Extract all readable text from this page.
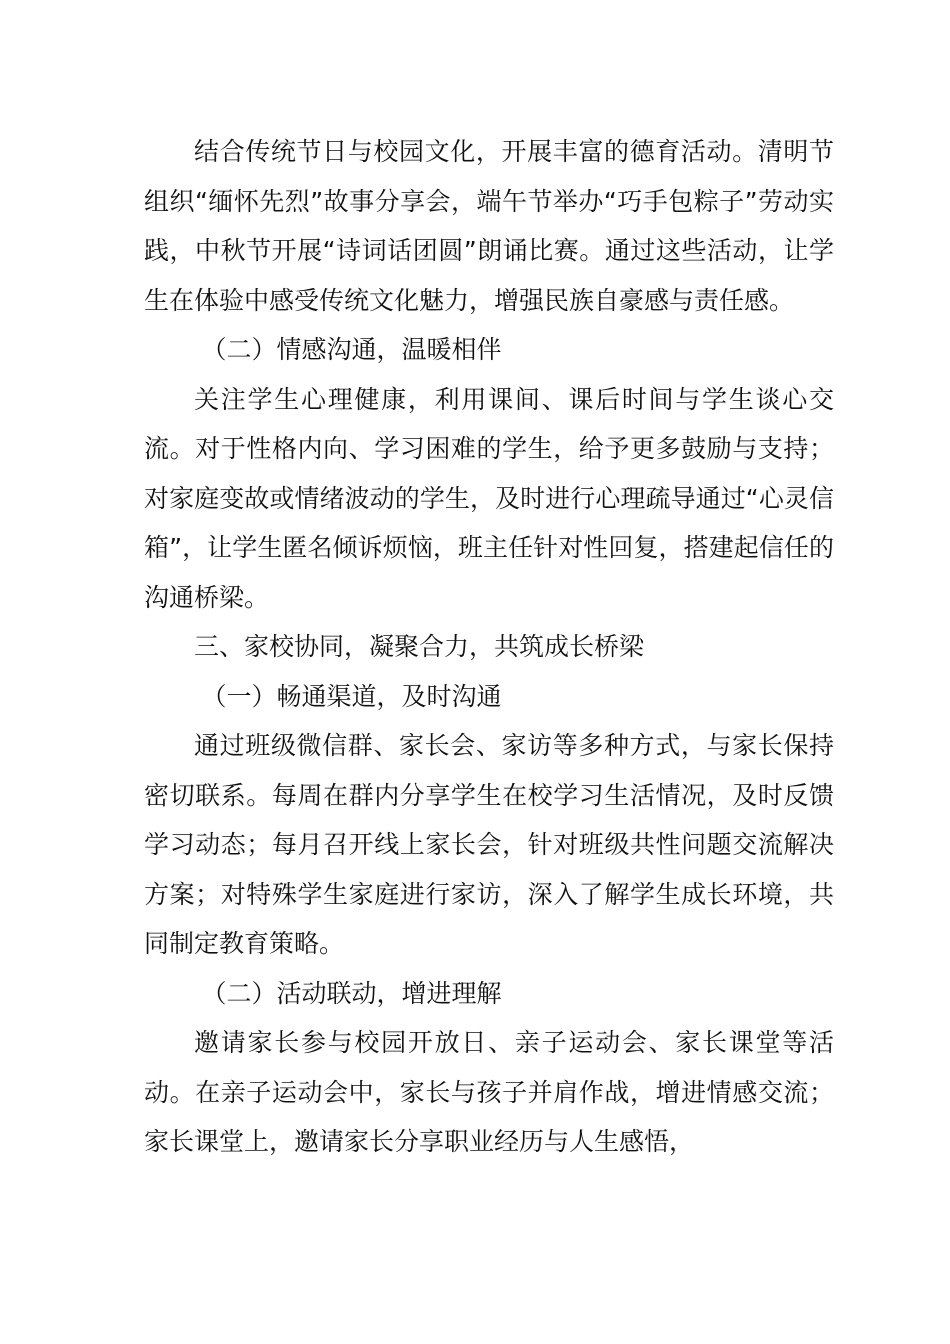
结合传统节日与校园文化，开展丰富的德育活动。清明节组织“缅怀先烈”故事分享会，端午节举办“巧手包粽子”劳动实践，中秋节开展“诗词话团圆”朗诵比赛。通过这些活动，让学生在体验中感受传统文化魅力，增强民族自豪感与责任感。

（二）情感沟通，温暖相伴

关注学生心理健康，利用课间、课后时间与学生谈心交流。对于性格内向、学习困难的学生，给予更多鼓励与支持；对家庭变故或情绪波动的学生，及时进行心理疏导通过“心灵信箱”，让学生匿名倾诉烦恼，班主任针对性回复，搭建起信任的沟通桥梁。

三、家校协同，凝聚合力，共筑成长桥梁

（一）畅通渠道，及时沟通

通过班级微信群、家长会、家访等多种方式，与家长保持密切联系。每周在群内分享学生在校学习生活情况，及时反馈学习动态；每月召开线上家长会，针对班级共性问题交流解决方案；对特殊学生家庭进行家访，深入了解学生成长环境，共同制定教育策略。

（二）活动联动，增进理解

邀请家长参与校园开放日、亲子运动会、家长课堂等活动。在亲子运动会中，家长与孩子并肩作战，增进情感交流；家长课堂上，邀请家长分享职业经历与人生感悟，
